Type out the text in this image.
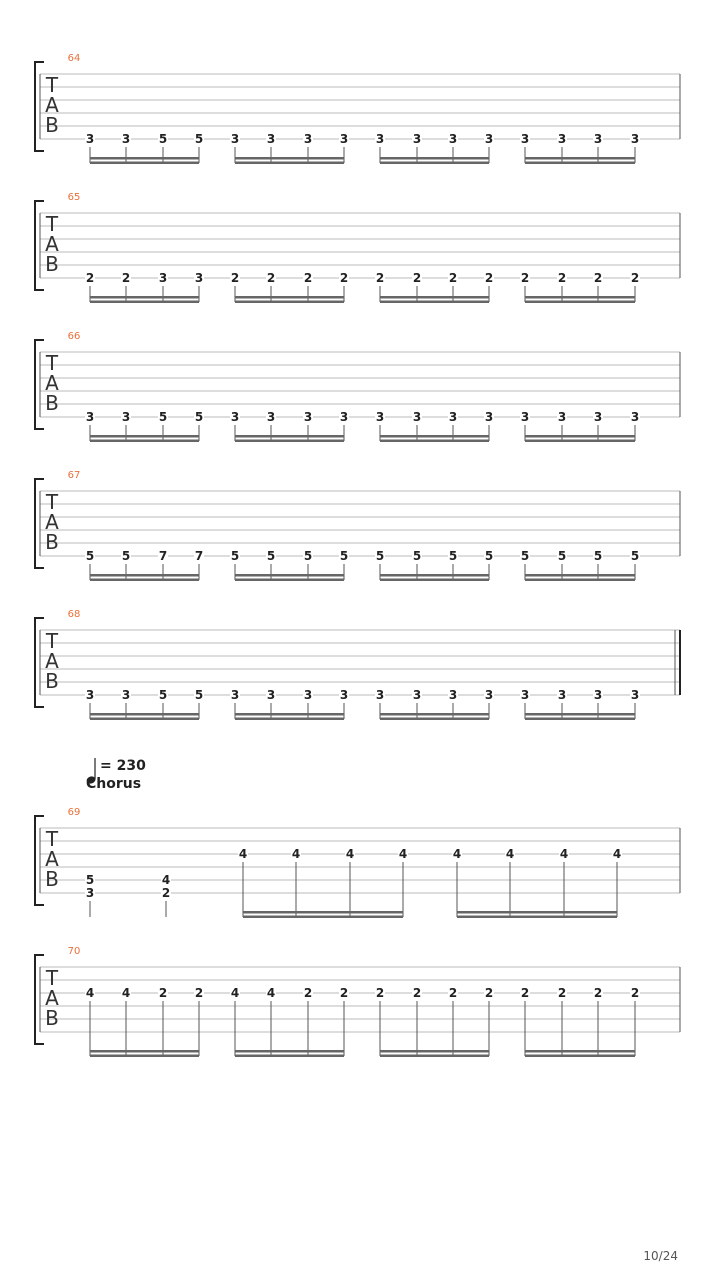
64
T
A
B
3 3 5 5 3 3 3 3 3 3 3 3 3 3 3 3
65
T
A
B
2 2 3 3 2 2 2 2 2 2 2 2 2 2 2 2
66
T
A
B
3 3 5 5 3 3 3 3 3 3 3 3 3 3 3 3
67
T
A
B
5 5 7 7 5 5 5 5 5 5 5 5 5 5 5 5
68
T
A
B
3 3 5 5 3 3 3 3 3 3 3 3 3 3 3 3
69
T
A
B 5
3
4
2
4	4	4	4	4	4	4	4
= 230
Chorus
70
T
A
B
4 4 2 2 4 4 2 2 2 2 2 2 2 2 2 2
10/24
